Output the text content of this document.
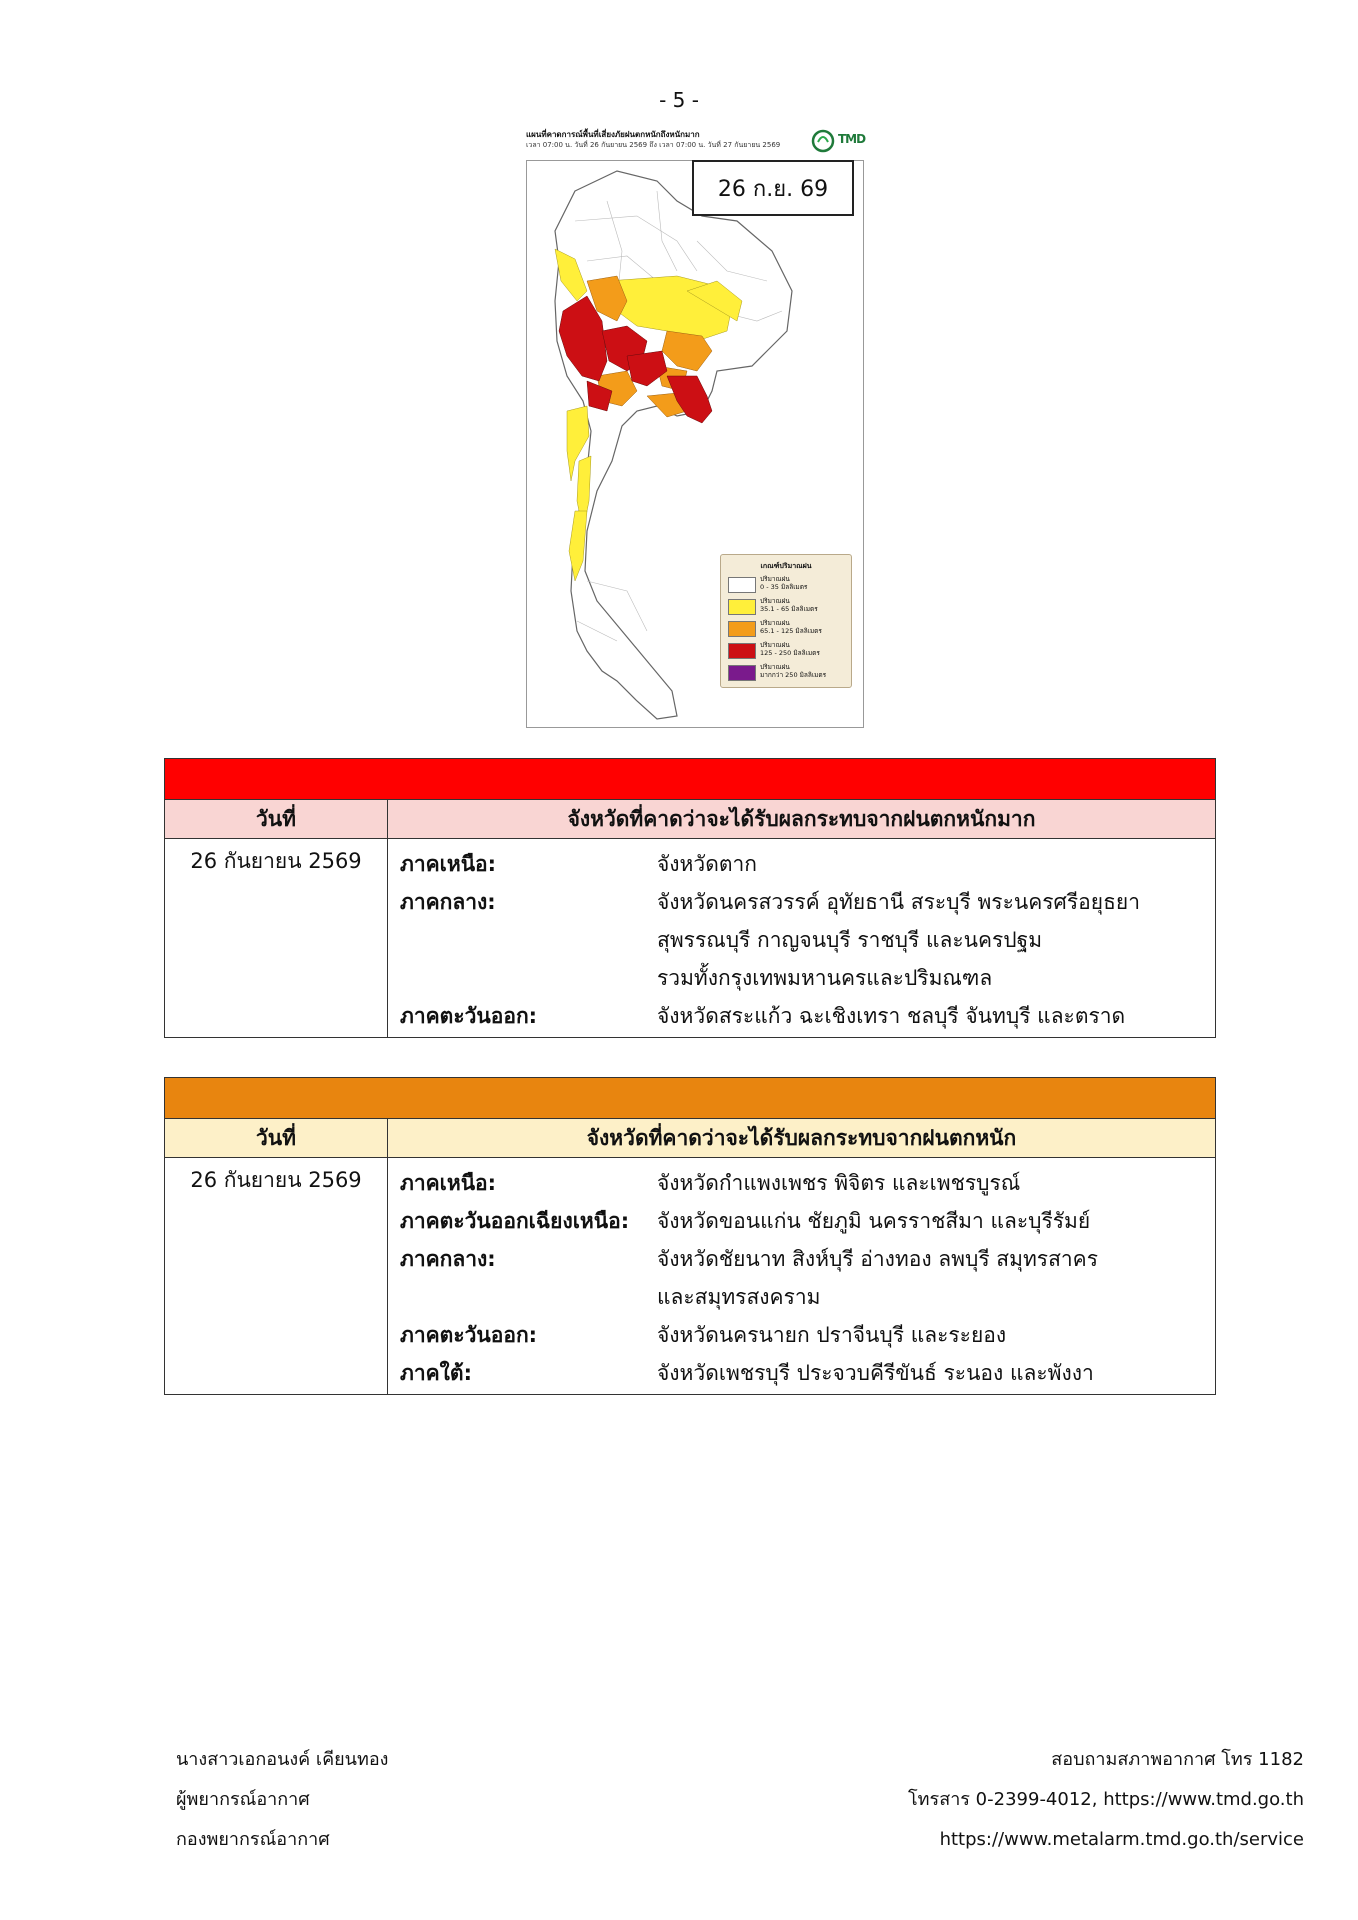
- 5 -
แผนที่คาดการณ์พื้นที่เสี่ยงภัยฝนตกหนักถึงหนักมาก
เวลา 07:00 น. วันที่ 26 กันยายน 2569 ถึง เวลา 07:00 น. วันที่ 27 กันยายน 2569	TMD
26 ก.ย. 69
เกณฑ์ปริมาณฝน
ปริมาณฝน
0 - 35 มิลลิเมตร
ปริมาณฝน
35.1 - 65 มิลลิเมตร
ปริมาณฝน
65.1 - 125 มิลลิเมตร
ปริมาณฝน
125 - 250 มิลลิเมตร
ปริมาณฝน
มากกว่า 250 มิลลิเมตร
วันที่	จังหวัดที่คาดว่าจะได้รับผลกระทบจากฝนตกหนักมาก
26 กันยายน 2569	ภาคเหนือ:	จังหวัดตาก
ภาคกลาง:	จังหวัดนครสวรรค์ อุทัยธานี สระบุรี พระนครศรีอยุธยา
สุพรรณบุรี กาญจนบุรี ราชบุรี และนครปฐม
รวมทั้งกรุงเทพมหานครและปริมณฑล
ภาคตะวันออก:	จังหวัดสระแก้ว ฉะเชิงเทรา ชลบุรี จันทบุรี และตราด
วันที่	จังหวัดที่คาดว่าจะได้รับผลกระทบจากฝนตกหนัก
26 กันยายน 2569	ภาคเหนือ:	จังหวัดกำแพงเพชร พิจิตร และเพชรบูรณ์
ภาคตะวันออกเฉียงเหนือ:	จังหวัดขอนแก่น ชัยภูมิ นครราชสีมา และบุรีรัมย์
ภาคกลาง:	จังหวัดชัยนาท สิงห์บุรี อ่างทอง ลพบุรี สมุทรสาคร
และสมุทรสงคราม
ภาคตะวันออก:	จังหวัดนครนายก ปราจีนบุรี และระยอง
ภาคใต้:	จังหวัดเพชรบุรี ประจวบคีรีขันธ์ ระนอง และพังงา
นางสาวเอกอนงค์ เคียนทอง
ผู้พยากรณ์อากาศ
กองพยากรณ์อากาศ
สอบถามสภาพอากาศ โทร 1182
โทรสาร 0-2399-4012, https://www.tmd.go.th
https://www.metalarm.tmd.go.th/service
